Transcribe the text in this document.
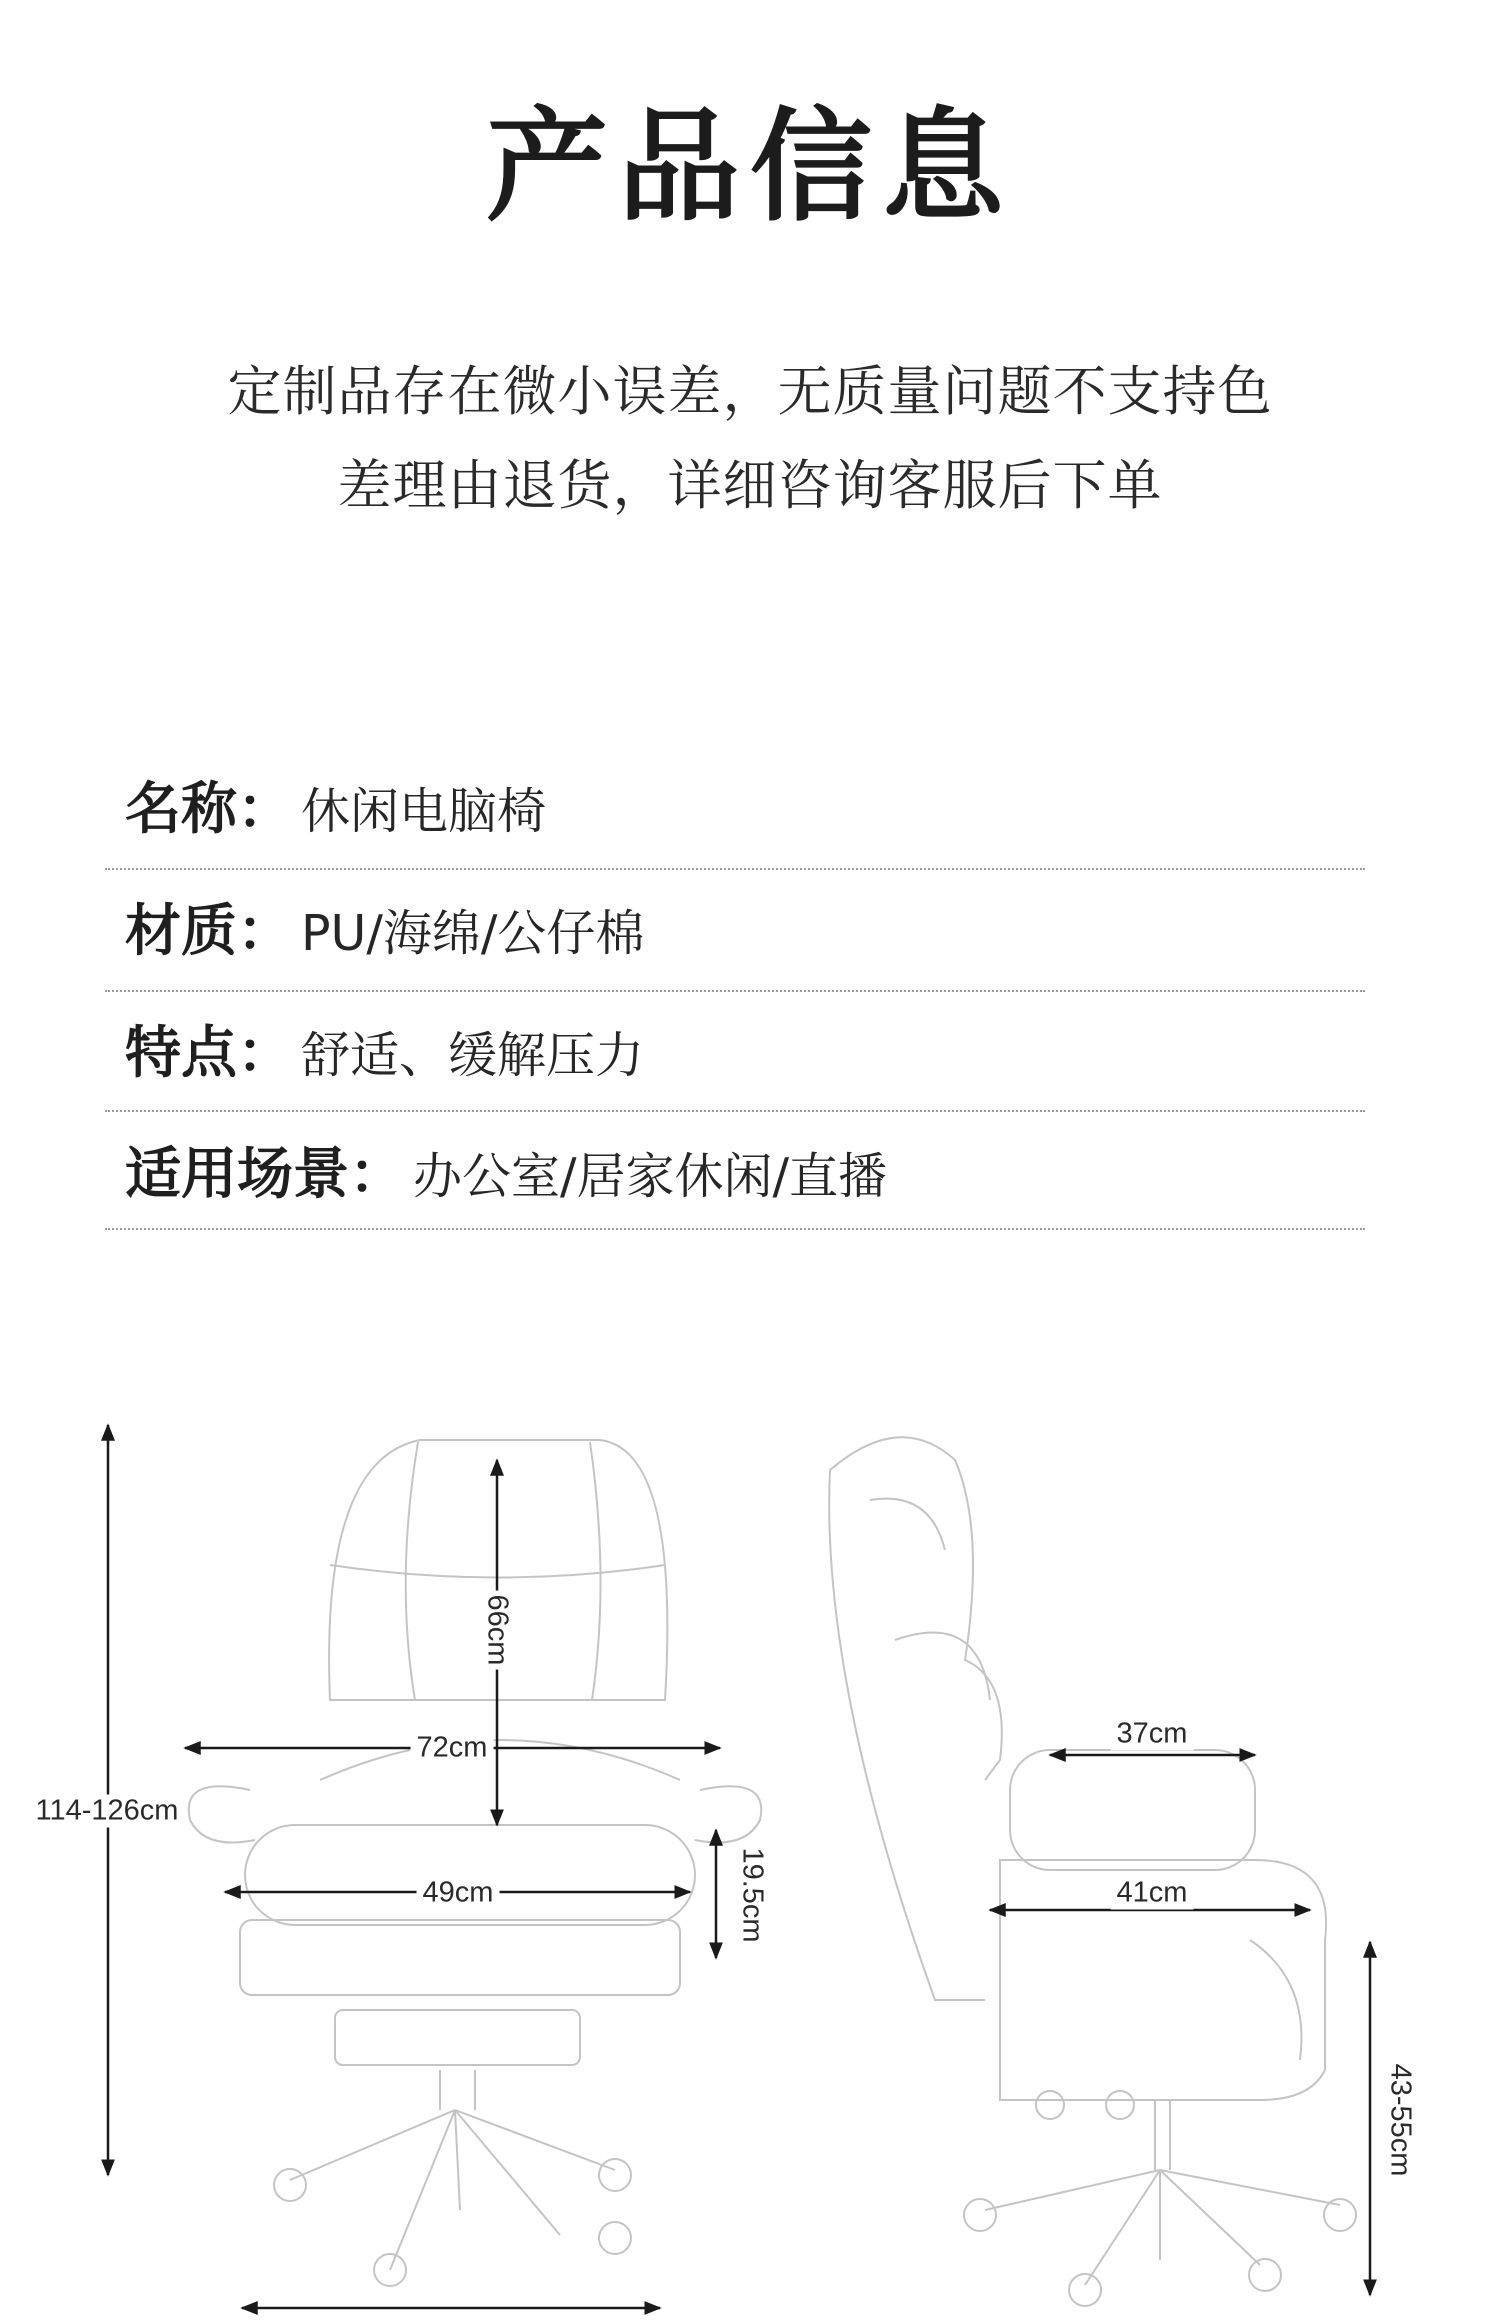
产品信息
定制品存在微小误差，无质量问题不支持色
差理由退货，详细咨询客服后下单
名称： 休闲电脑椅
材质： PU/海绵/公仔棉
特点： 舒适、缓解压力
适用场景： 办公室/居家休闲/直播
114-126cm
66cm
72cm
49cm	19.5cm
37cm
41cm
43-55cm
